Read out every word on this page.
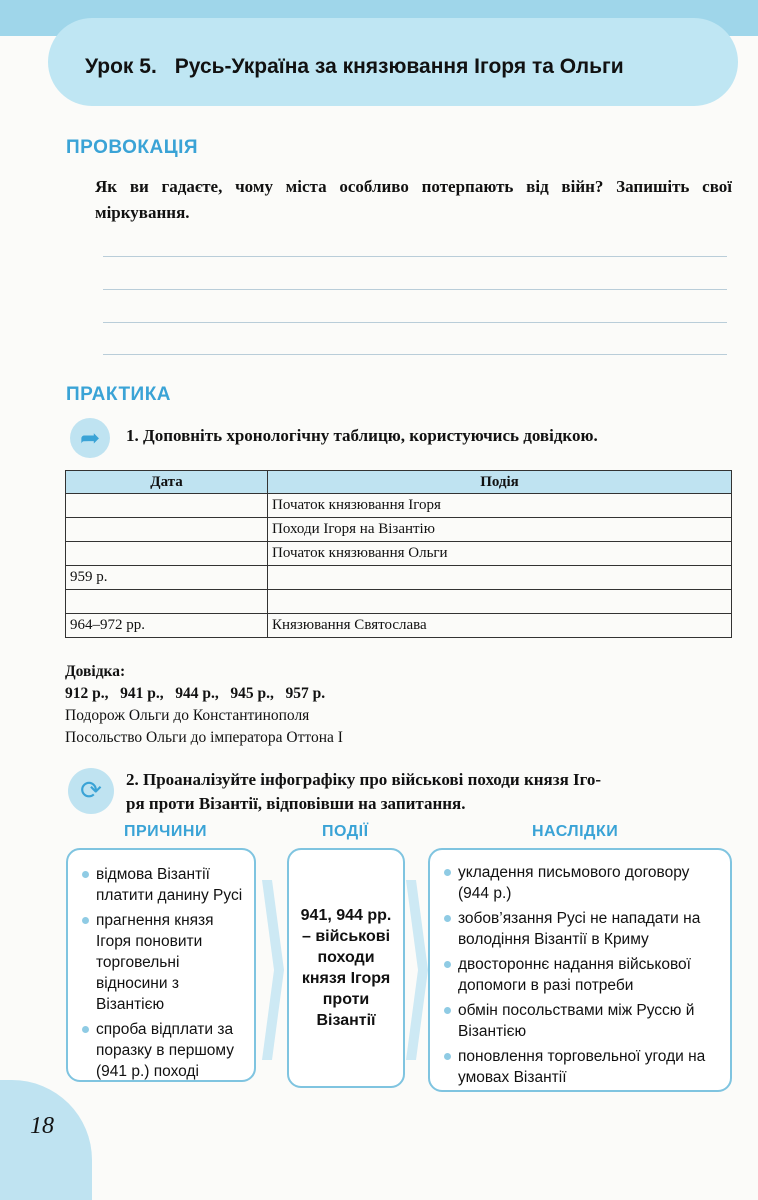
Урок 5. Русь-Україна за князювання Ігоря та Ольги
ПРОВОКАЦІЯ
Як ви гадаєте, чому міста особливо потерпають від війн? Запишіть свої міркування.
ПРАКТИКА
➦	1. Доповніть хронологічну таблицю, користуючись довідкою.
Дата	Подія
	Початок князювання Ігоря
	Походи Ігоря на Візантію
	Початок князювання Ольги
959 р.	

964–972 рр.	Князювання Святослава
Довідка:
912 р.,   941 р.,   944 р.,   945 р.,   957 р.
Подорож Ольги до Константинополя
Посольство Ольги до імператора Оттона І
⟳	2. Проаналізуйте інфографіку про військові походи князя Іго-
ря проти Візантії, відповівши на запитання.
ПРИЧИНИ	ПОДІЇ	НАСЛІДКИ
відмова Візантії платити данину Русі
прагнення князя Ігоря поновити торговельні відносини з Візантією
спроба відплати за поразку в першому (941 р.) поході
941, 944 рр. – військові походи князя Ігоря проти Візантії
укладення письмового договору (944 р.)
зобов’язання Русі не нападати на володіння Візантії в Криму
двостороннє надання військової допомоги в разі потреби
обмін посольствами між Руссю й Візантією
поновлення торговельної угоди на умовах Візантії
18
